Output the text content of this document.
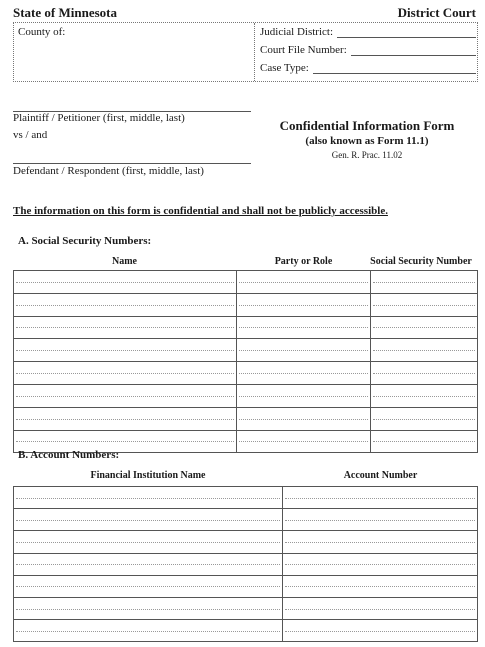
State of Minnesota	District Court
County of:	Judicial District:
Court File Number:
Case Type:
Plaintiff / Petitioner (first, middle, last)
vs / and
Defendant / Respondent (first, middle, last)
Confidential Information Form
(also known as Form 11.1)
Gen. R. Prac. 11.02
The information on this form is confidential and shall not be publicly accessible.
A. Social Security Numbers:
Name	Party or Role	Social Security Number

B. Account Numbers:
Financial Institution Name	Account Number
